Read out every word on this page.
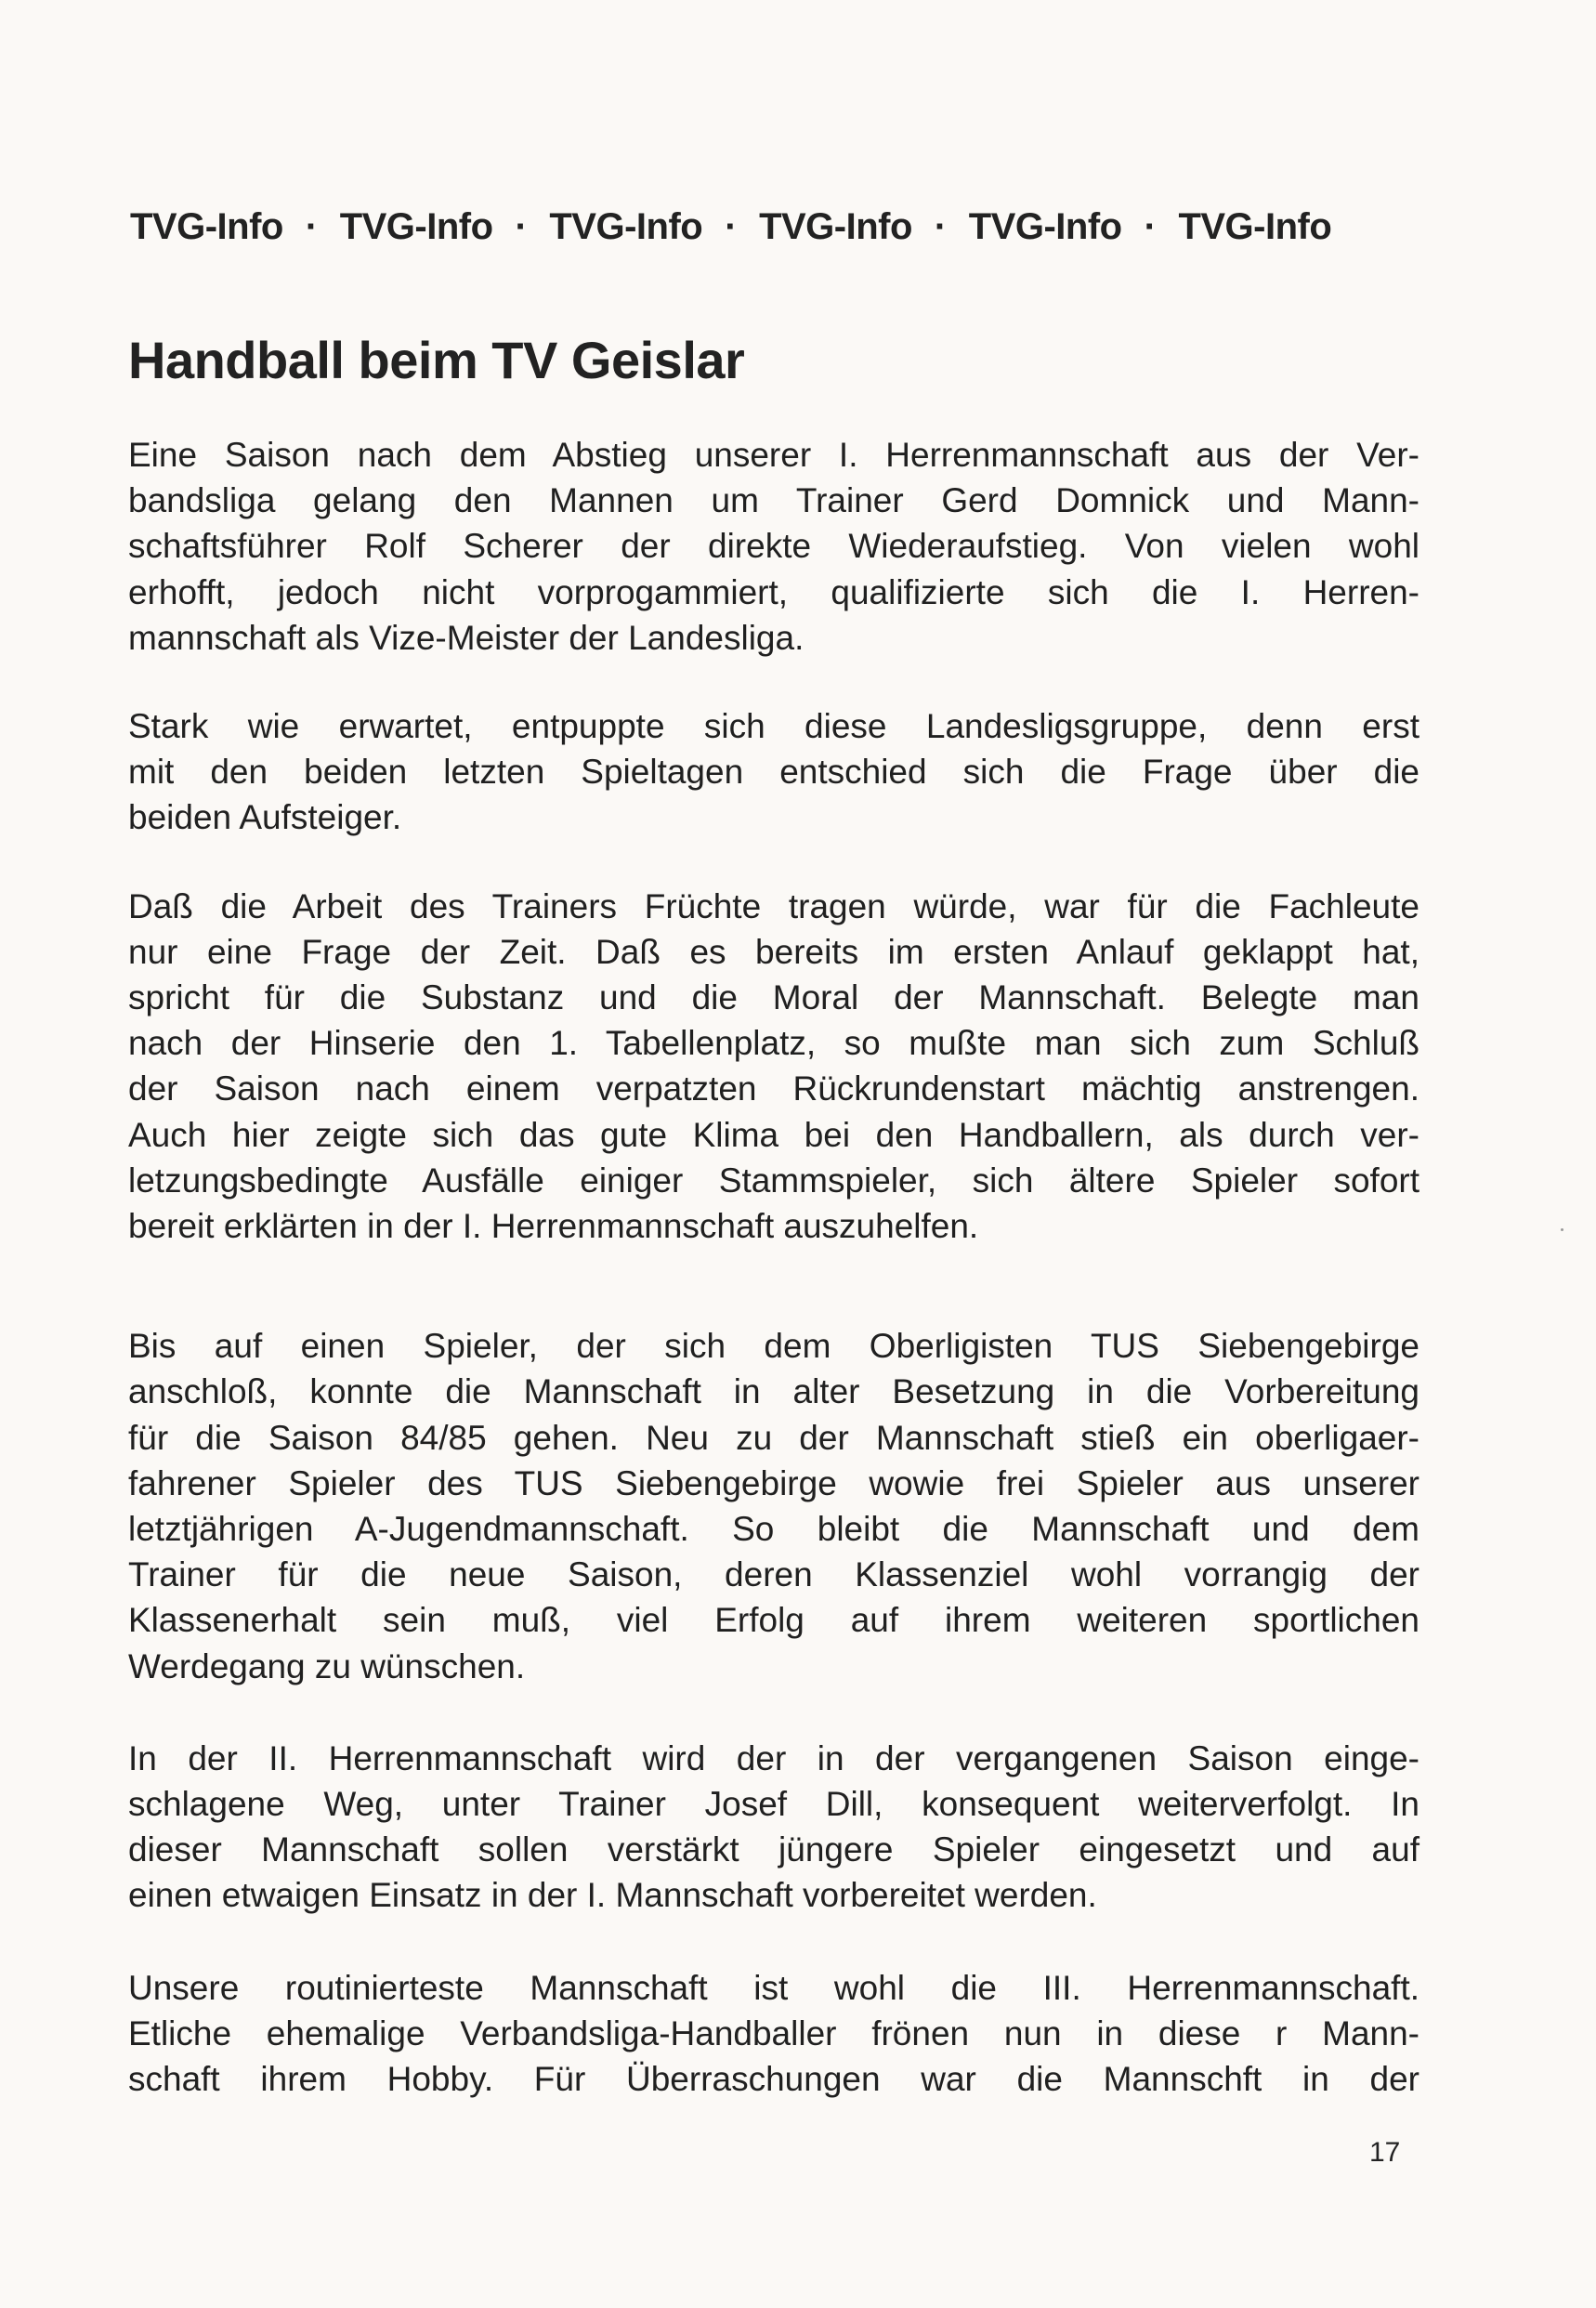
TVG-Info · TVG-Info · TVG-Info · TVG-Info · TVG-Info · TVG-Info
Handball beim TV Geislar

Eine Saison nach dem Abstieg unserer I. Herrenmannschaft aus der Ver-
bandsliga gelang den Mannen um Trainer Gerd Domnick und Mann-
schaftsführer Rolf Scherer der direkte Wiederaufstieg. Von vielen wohl
erhofft, jedoch nicht vorprogammiert, qualifizierte sich die I. Herren-
mannschaft als Vize-Meister der Landesliga.

Stark wie erwartet, entpuppte sich diese Landesligsgruppe, denn erst
mit den beiden letzten Spieltagen entschied sich die Frage über die
beiden Aufsteiger.

Daß die Arbeit des Trainers Früchte tragen würde, war für die Fachleute
nur eine Frage der Zeit. Daß es bereits im ersten Anlauf geklappt hat,
spricht für die Substanz und die Moral der Mannschaft. Belegte man
nach der Hinserie den 1. Tabellenplatz, so mußte man sich zum Schluß
der Saison nach einem verpatzten Rückrundenstart mächtig anstrengen.
Auch hier zeigte sich das gute Klima bei den Handballern, als durch ver-
letzungsbedingte Ausfälle einiger Stammspieler, sich ältere Spieler sofort
bereit erklärten in der I. Herrenmannschaft auszuhelfen.

Bis auf einen Spieler, der sich dem Oberligisten TUS Siebengebirge
anschloß, konnte die Mannschaft in alter Besetzung in die Vorbereitung
für die Saison 84/85 gehen. Neu zu der Mannschaft stieß ein oberligaer-
fahrener Spieler des TUS Siebengebirge wowie frei Spieler aus unserer
letztjährigen A-Jugendmannschaft. So bleibt die Mannschaft und dem
Trainer für die neue Saison, deren Klassenziel wohl vorrangig der
Klassenerhalt sein muß, viel Erfolg auf ihrem weiteren sportlichen
Werdegang zu wünschen.

In der II. Herrenmannschaft wird der in der vergangenen Saison einge-
schlagene Weg, unter Trainer Josef Dill, konsequent weiterverfolgt. In
dieser Mannschaft sollen verstärkt jüngere Spieler eingesetzt und auf
einen etwaigen Einsatz in der I. Mannschaft vorbereitet werden.

Unsere routinierteste Mannschaft ist wohl die III. Herrenmannschaft.
Etliche ehemalige Verbandsliga-Handballer frönen nun in diese r Mann-
schaft ihrem Hobby. Für Überraschungen war die Mannschft in der

17
